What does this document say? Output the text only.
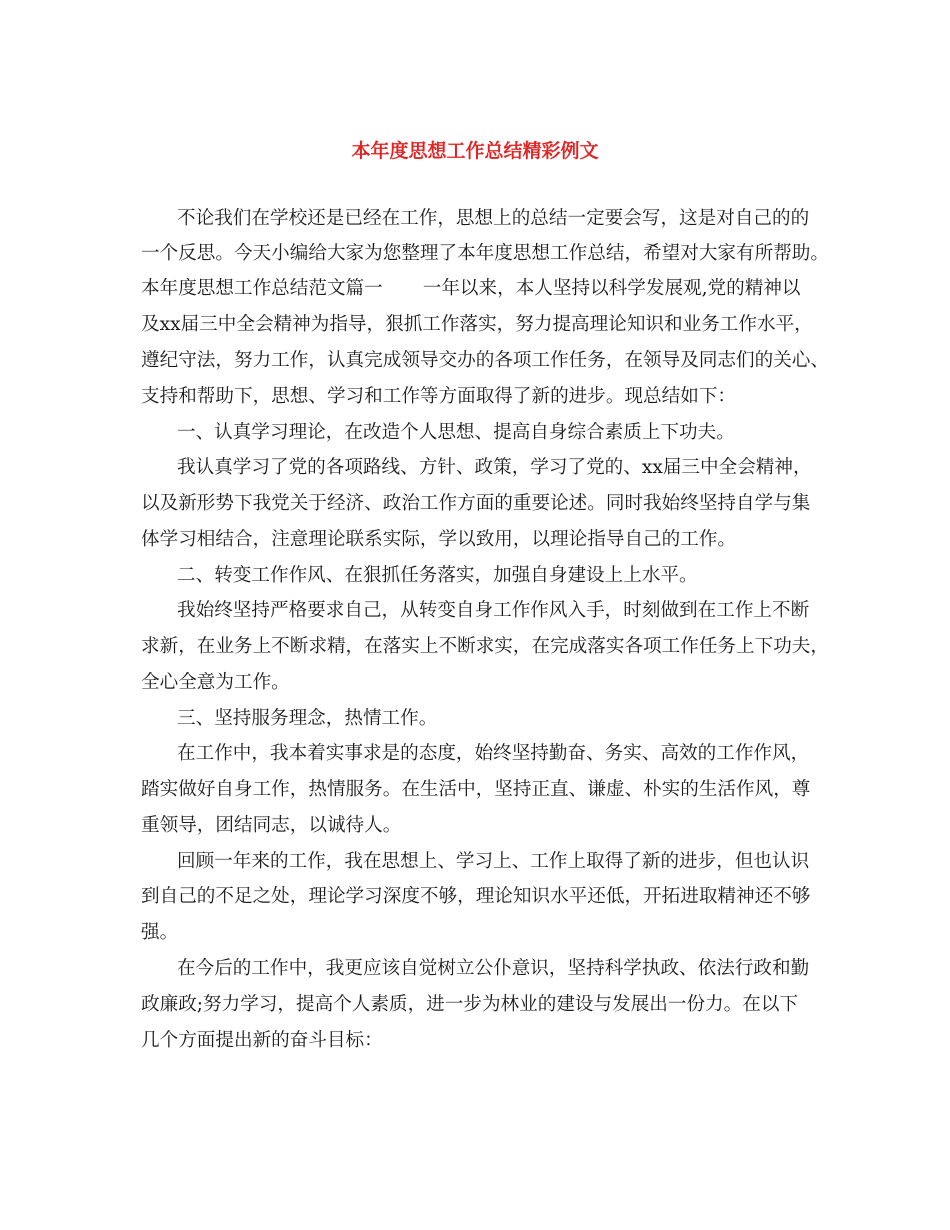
本年度思想工作总结精彩例文
不论我们在学校还是已经在工作，思想上的总结一定要会写，这是对自己的的
一个反思。今天小编给大家为您整理了本年度思想工作总结，希望对大家有所帮助。
本年度思想工作总结范文篇一 一年以来，本人坚持以科学发展观,党的精神以
及xx届三中全会精神为指导，狠抓工作落实，努力提高理论知识和业务工作水平，
遵纪守法，努力工作，认真完成领导交办的各项工作任务，在领导及同志们的关心、
支持和帮助下，思想、学习和工作等方面取得了新的进步。现总结如下：
一、认真学习理论，在改造个人思想、提高自身综合素质上下功夫。
我认真学习了党的各项路线、方针、政策，学习了党的、xx届三中全会精神，
以及新形势下我党关于经济、政治工作方面的重要论述。同时我始终坚持自学与集
体学习相结合，注意理论联系实际，学以致用，以理论指导自己的工作。
二、转变工作作风、在狠抓任务落实，加强自身建设上上水平。
我始终坚持严格要求自己，从转变自身工作作风入手，时刻做到在工作上不断
求新，在业务上不断求精，在落实上不断求实，在完成落实各项工作任务上下功夫，
全心全意为工作。
三、坚持服务理念，热情工作。
在工作中，我本着实事求是的态度，始终坚持勤奋、务实、高效的工作作风，
踏实做好自身工作，热情服务。在生活中，坚持正直、谦虚、朴实的生活作风，尊
重领导，团结同志，以诚待人。
回顾一年来的工作，我在思想上、学习上、工作上取得了新的进步，但也认识
到自己的不足之处，理论学习深度不够，理论知识水平还低，开拓进取精神还不够
强。
在今后的工作中，我更应该自觉树立公仆意识，坚持科学执政、依法行政和勤
政廉政;努力学习，提高个人素质，进一步为林业的建设与发展出一份力。在以下
几个方面提出新的奋斗目标：
